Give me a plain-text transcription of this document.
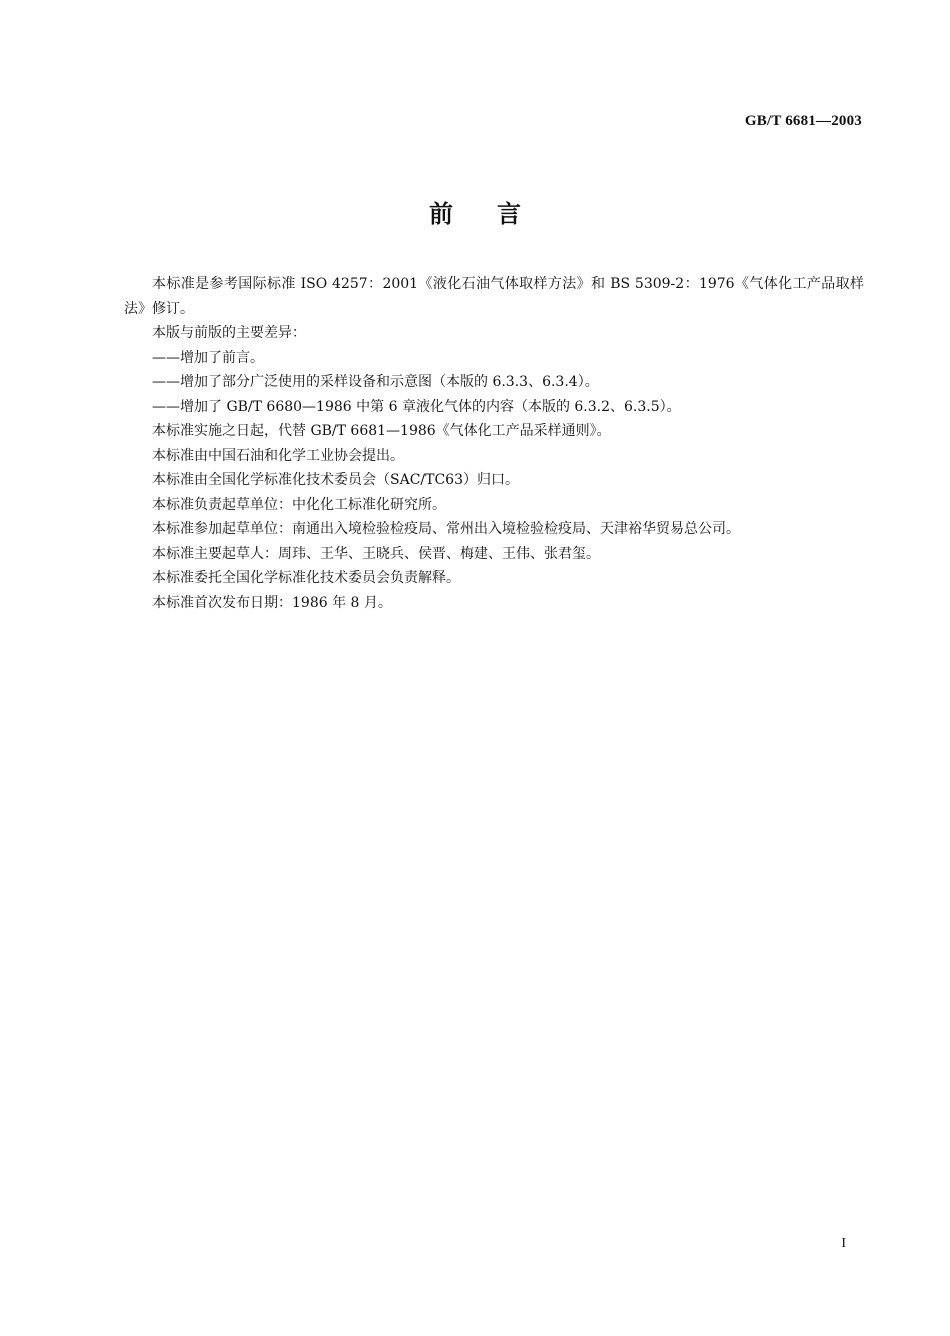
GB/T 6681—2003
前言

本标准是参考国际标准 ISO 4257：2001《液化石油气体取样方法》和 BS 5309-2：1976《气体化工产品取样法》修订。

本版与前版的主要差异：

——增加了前言。

——增加了部分广泛使用的采样设备和示意图（本版的 6.3.3、6.3.4）。

——增加了 GB/T 6680—1986 中第 6 章液化气体的内容（本版的 6.3.2、6.3.5）。

本标准实施之日起，代替 GB/T 6681—1986《气体化工产品采样通则》。

本标准由中国石油和化学工业协会提出。

本标准由全国化学标准化技术委员会（SAC/TC63）归口。

本标准负责起草单位：中化化工标准化研究所。

本标准参加起草单位：南通出入境检验检疫局、常州出入境检验检疫局、天津裕华贸易总公司。

本标准主要起草人：周玮、王华、王晓兵、侯晋、梅建、王伟、张君玺。

本标准委托全国化学标准化技术委员会负责解释。

本标准首次发布日期：1986 年 8 月。

I
